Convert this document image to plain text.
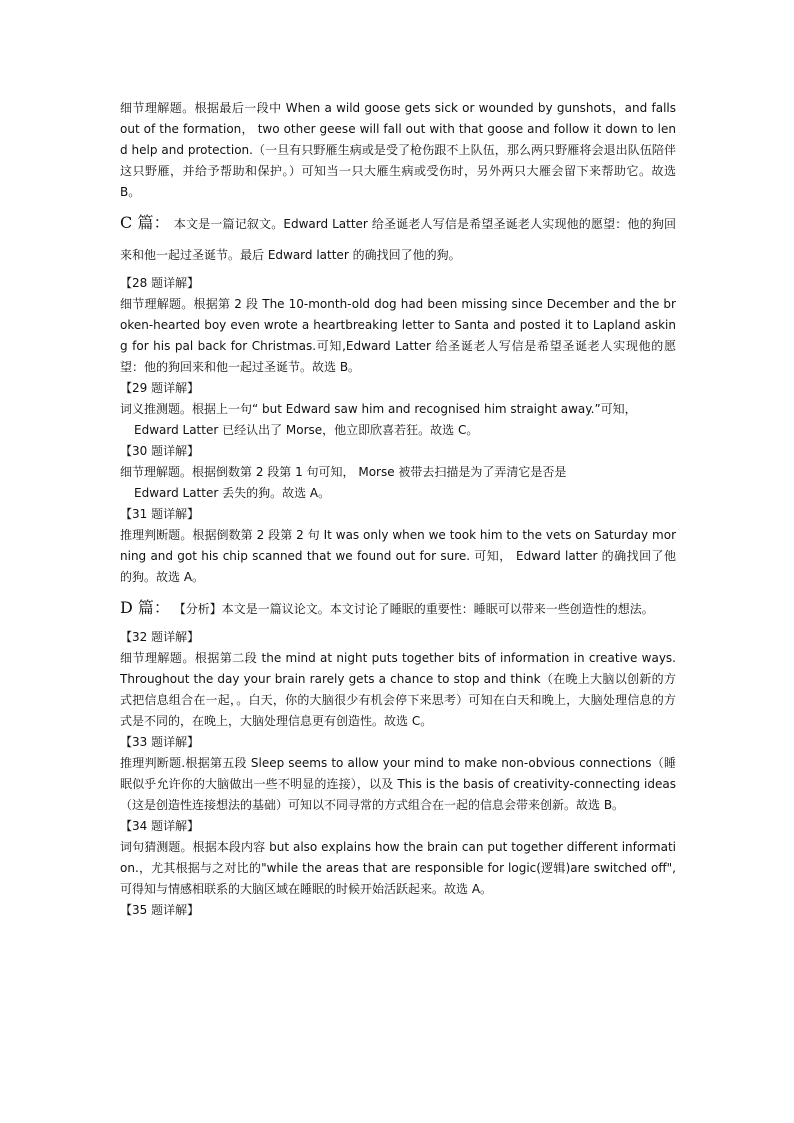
细节理解题。根据最后一段中 When a wild goose gets sick or wounded by gunshots，and falls out of the formation， two other geese will fall out with that goose and follow it down to lend help and protection.（一旦有只野雁生病或是受了枪伤跟不上队伍，那么两只野雁将会退出队伍陪伴这只野雁，并给予帮助和保护。）可知当一只大雁生病或受伤时，另外两只大雁会留下来帮助它。故选 B。

C 篇： 本文是一篇记叙文。Edward Latter 给圣诞老人写信是希望圣诞老人实现他的愿望：他的狗回来和他一起过圣诞节。最后 Edward latter 的确找回了他的狗。

【28 题详解】

细节理解题。根据第 2 段 The 10-month-old dog had been missing since December and the broken-hearted boy even wrote a heartbreaking letter to Santa and posted it to Lapland asking for his pal back for Christmas.可知,Edward Latter 给圣诞老人写信是希望圣诞老人实现他的愿望：他的狗回来和他一起过圣诞节。故选 B。

【29 题详解】

词义推测题。根据上一句“ but Edward saw him and recognised him straight away.”可知，

Edward Latter 已经认出了 Morse，他立即欣喜若狂。故选 C。

【30 题详解】

细节理解题。根据倒数第 2 段第 1 句可知， Morse 被带去扫描是为了弄清它是否是

Edward Latter 丢失的狗。故选 A。

【31 题详解】

推理判断题。根据倒数第 2 段第 2 句 It was only when we took him to the vets on Saturday morning and got his chip scanned that we found out for sure. 可知， Edward latter 的确找回了他的狗。故选 A。

D 篇： 【分析】本文是一篇议论文。本文讨论了睡眠的重要性：睡眠可以带来一些创造性的想法。

【32 题详解】

细节理解题。根据第二段 the mind at night puts together bits of information in creative ways. Throughout the day your brain rarely gets a chance to stop and think（在晚上大脑以创新的方式把信息组合在一起，。白天，你的大脑很少有机会停下来思考）可知在白天和晚上，大脑处理信息的方式是不同的，在晚上，大脑处理信息更有创造性。故选 C。

【33 题详解】

推理判断题.根据第五段 Sleep seems to allow your mind to make non-obvious connections（睡眠似乎允许你的大脑做出一些不明显的连接），以及 This is the basis of creativity-connecting ideas（这是创造性连接想法的基础）可知以不同寻常的方式组合在一起的信息会带来创新。故选 B。

【34 题详解】

词句猜测题。根据本段内容 but also explains how the brain can put together different information.，尤其根据与之对比的"while the areas that are responsible for logic(逻辑)are switched off",可得知与情感相联系的大脑区域在睡眠的时候开始活跃起来。故选 A。

【35 题详解】
